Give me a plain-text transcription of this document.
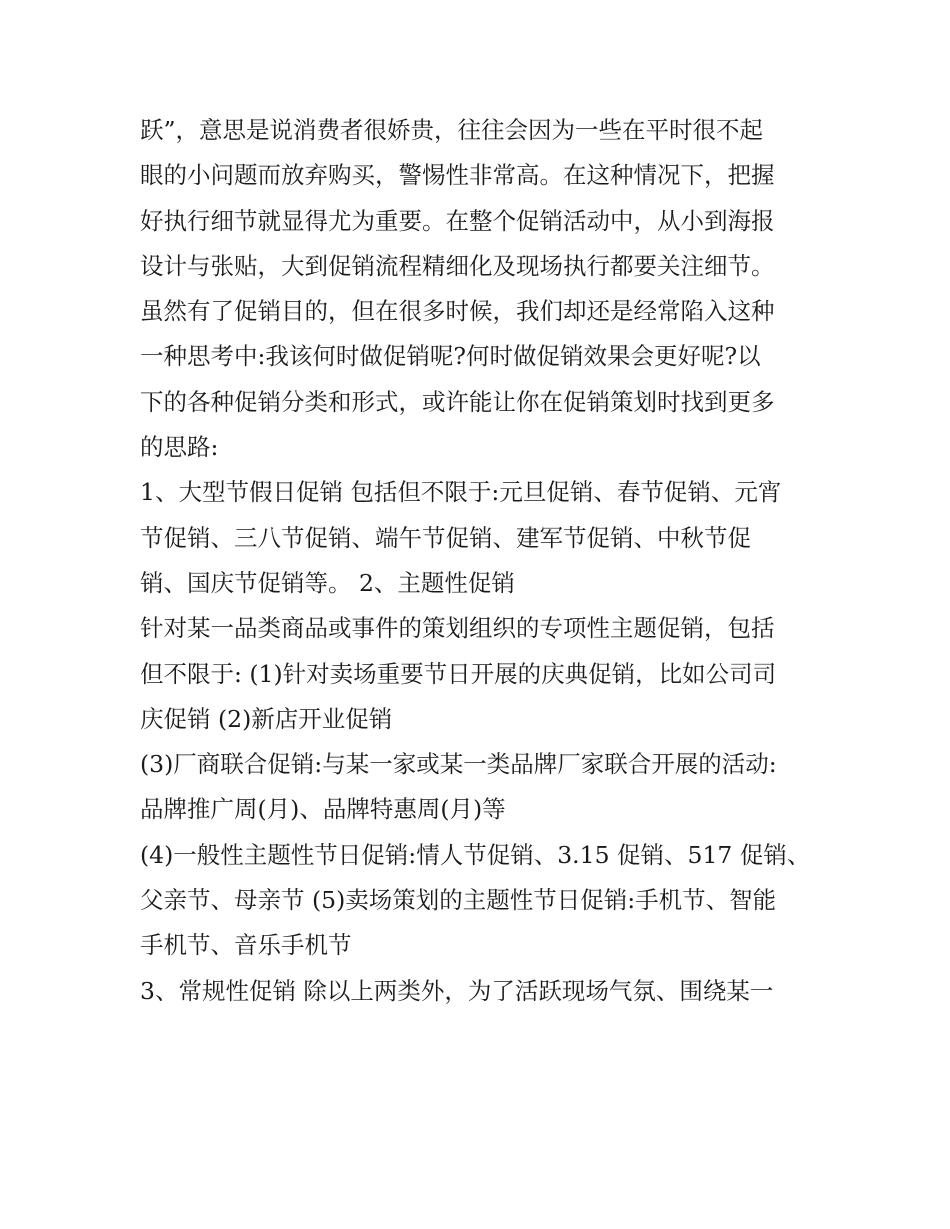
跃”，意思是说消费者很娇贵，往往会因为一些在平时很不起
眼的小问题而放弃购买，警惕性非常高。在这种情况下，把握
好执行细节就显得尤为重要。在整个促销活动中，从小到海报
设计与张贴，大到促销流程精细化及现场执行都要关注细节。
虽然有了促销目的，但在很多时候，我们却还是经常陷入这种
一种思考中:我该何时做促销呢?何时做促销效果会更好呢?以
下的各种促销分类和形式，或许能让你在促销策划时找到更多
的思路:
1、大型节假日促销 包括但不限于:元旦促销、春节促销、元宵
节促销、三八节促销、端午节促销、建军节促销、中秋节促
销、国庆节促销等。 2、主题性促销
针对某一品类商品或事件的策划组织的专项性主题促销，包括
但不限于: (1)针对卖场重要节日开展的庆典促销，比如公司司
庆促销 (2)新店开业促销
(3)厂商联合促销:与某一家或某一类品牌厂家联合开展的活动:
品牌推广周(月)、品牌特惠周(月)等
(4)一般性主题性节日促销:情人节促销、3.15 促销、517 促销、
父亲节、母亲节 (5)卖场策划的主题性节日促销:手机节、智能
手机节、音乐手机节
3、常规性促销 除以上两类外，为了活跃现场气氛、围绕某一
